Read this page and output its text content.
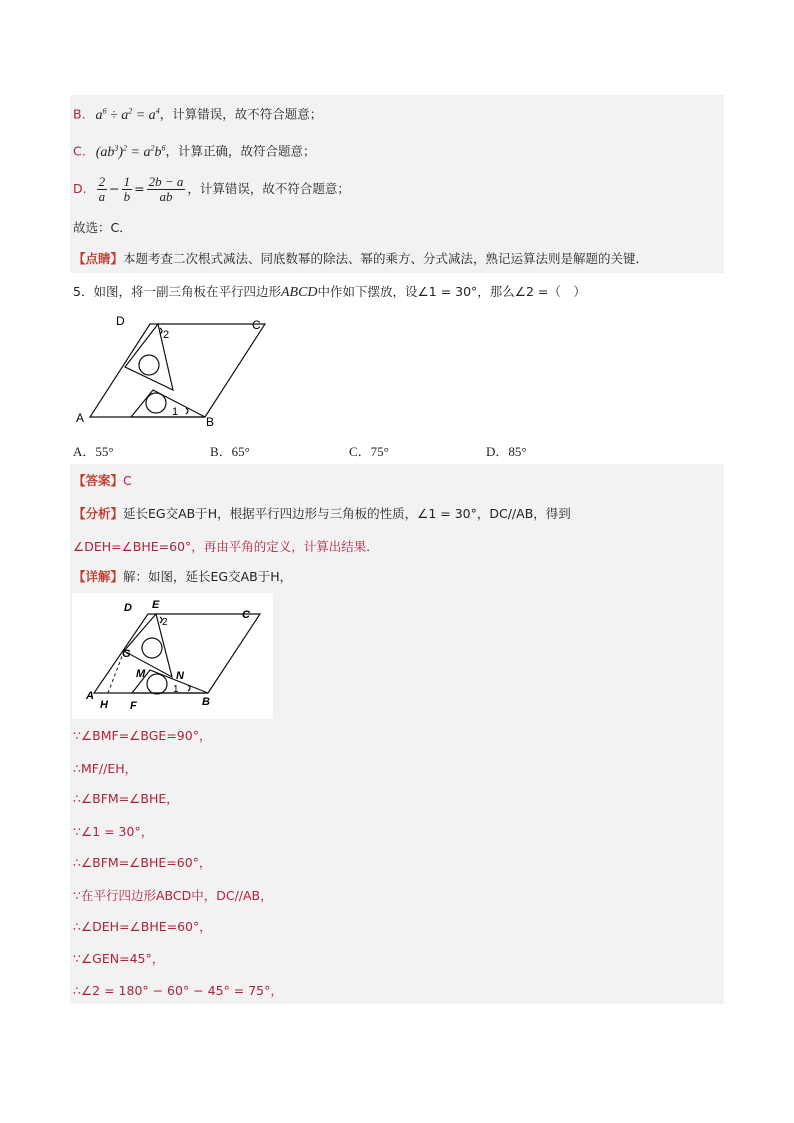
B. $a^6 \div a^2 = a^4$，计算错误，故不符合题意；
C. $(ab^3)^2 = a^2b^6$，计算正确，故符合题意；
D. $\frac{2}{a} - \frac{1}{b} = \frac{2b - a}{ab}$ ，计算错误，故不符合题意；
故选：C．
【点睛】本题考查二次根式减法、同底数幂的除法、幂的乘方、分式减法，熟记运算法则是解题的关键．
5．如图，将一副三角板在平行四边形ABCD中作如下摆放，设∠1 = 30°，那么∠2 =（　）
D	C
A	B
2
1
A．55°	B．65°	C．75°	D．85°
【答案】C
【分析】延长EG交AB于H，根据平行四边形与三角板的性质，∠1 = 30°，DC//AB，得到
∠DEH=∠BHE=60°，再由平角的定义，计算出结果．
【详解】解：如图，延长EG交AB于H，
D E
C
G
M	N
A
H F	B
2
1
∵∠BMF=∠BGE=90°，
∴MF//EH，
∴∠BFM=∠BHE，
∵∠1 = 30°，
∴∠BFM=∠BHE=60°，
∵在平行四边形ABCD中，DC//AB，
∴∠DEH=∠BHE=60°，
∵∠GEN=45°，
∴∠2 = 180° − 60° − 45° = 75°，
